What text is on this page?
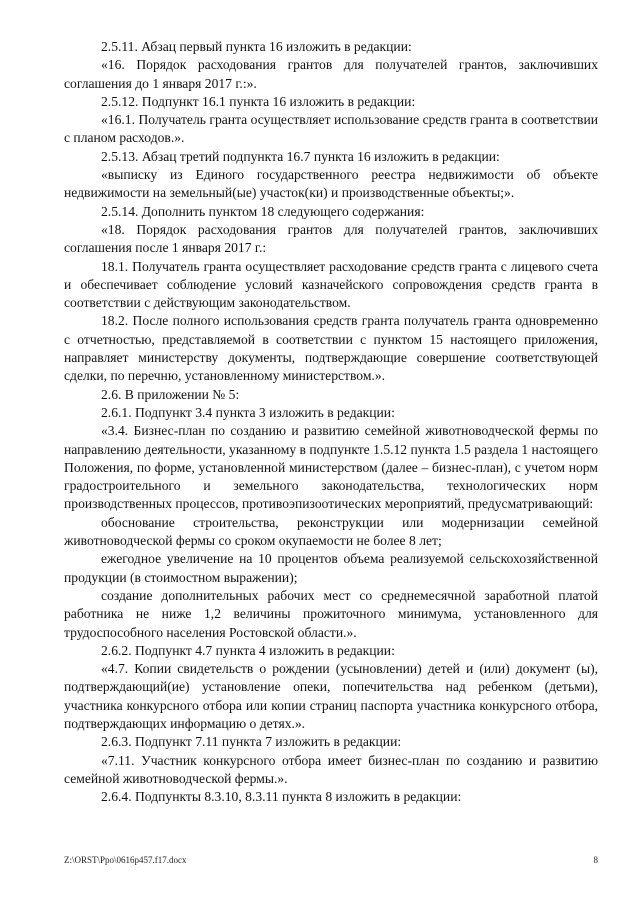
2.5.11. Абзац первый пункта 16 изложить в редакции:

«16. Порядок расходования грантов для получателей грантов, заключивших соглашения до 1 января 2017 г.:».

2.5.12. Подпункт 16.1 пункта 16 изложить в редакции:

«16.1. Получатель гранта осуществляет использование средств гранта в соответствии с планом расходов.».

2.5.13. Абзац третий подпункта 16.7 пункта 16 изложить в редакции:

«выписку из Единого государственного реестра недвижимости об объекте недвижимости на земельный(ые) участок(ки) и производственные объекты;».

2.5.14. Дополнить пунктом 18 следующего содержания:

«18. Порядок расходования грантов для получателей грантов, заключивших соглашения после 1 января 2017 г.:

18.1. Получатель гранта осуществляет расходование средств гранта с лицевого счета и обеспечивает соблюдение условий казначейского сопровождения средств гранта в соответствии с действующим законодательством.

18.2. После полного использования средств гранта получатель гранта одновременно с отчетностью, представляемой в соответствии с пунктом 15 настоящего приложения, направляет министерству документы, подтверждающие совершение соответствующей сделки, по перечню, установленному министерством.».

2.6. В приложении № 5:

2.6.1. Подпункт 3.4 пункта 3 изложить в редакции:

«3.4. Бизнес-план по созданию и развитию семейной животноводческой фермы по направлению деятельности, указанному в подпункте 1.5.12 пункта 1.5 раздела 1 настоящего Положения, по форме, установленной министерством (далее – бизнес-план), с учетом норм градостроительного и земельного законодательства, технологических норм производственных процессов, противоэпизоотических мероприятий, предусматривающий:

обоснование строительства, реконструкции или модернизации семейной животноводческой фермы со сроком окупаемости не более 8 лет;

ежегодное увеличение на 10 процентов объема реализуемой сельскохозяйственной продукции (в стоимостном выражении);

создание дополнительных рабочих мест со среднемесячной заработной платой работника не ниже 1,2 величины прожиточного минимума, установленного для трудоспособного населения Ростовской области.».

2.6.2. Подпункт 4.7 пункта 4 изложить в редакции:

«4.7. Копии свидетельств о рождении (усыновлении) детей и (или) документ (ы), подтверждающий(ие) установление опеки, попечительства над ребенком (детьми), участника конкурсного отбора или копии страниц паспорта участника конкурсного отбора, подтверждающих информацию о детях.».

2.6.3. Подпункт 7.11 пункта 7 изложить в редакции:

«7.11. Участник конкурсного отбора имеет бизнес-план по созданию и развитию семейной животноводческой фермы.».

2.6.4. Подпункты 8.3.10, 8.3.11 пункта 8 изложить в редакции:

Z:\ORST\Ppo\0616p457.f17.docx	8
